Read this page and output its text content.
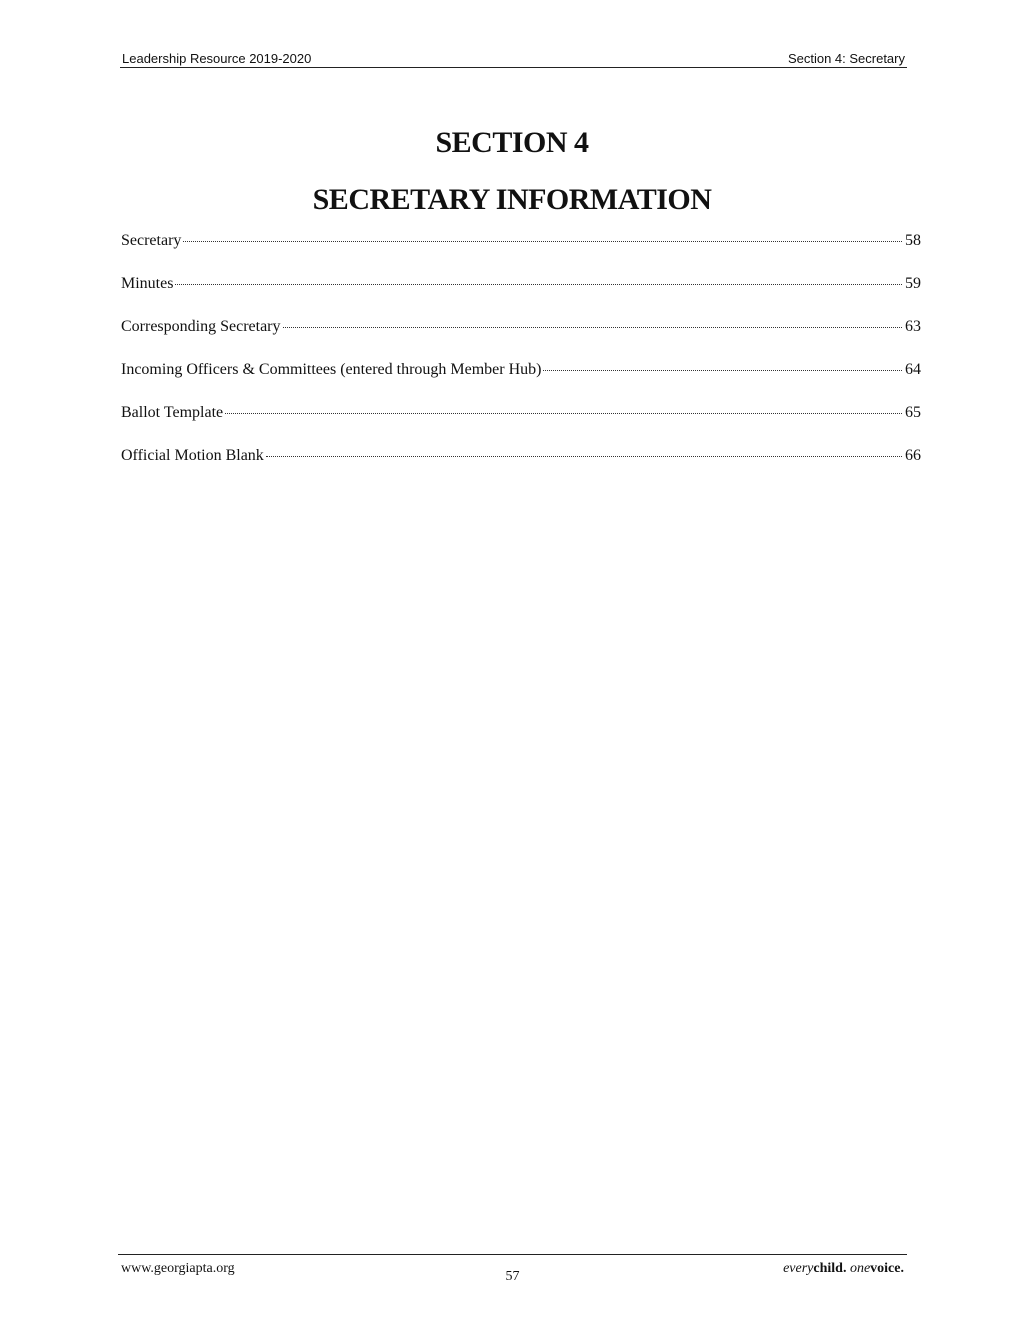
Leadership Resource 2019-2020	Section 4: Secretary
SECTION 4
SECRETARY INFORMATION
Secretary	58
Minutes	59
Corresponding Secretary	63
Incoming Officers & Committees (entered through Member Hub)	64
Ballot Template	65
Official Motion Blank	66
www.georgiapta.org
57
everychild. onevoice.
